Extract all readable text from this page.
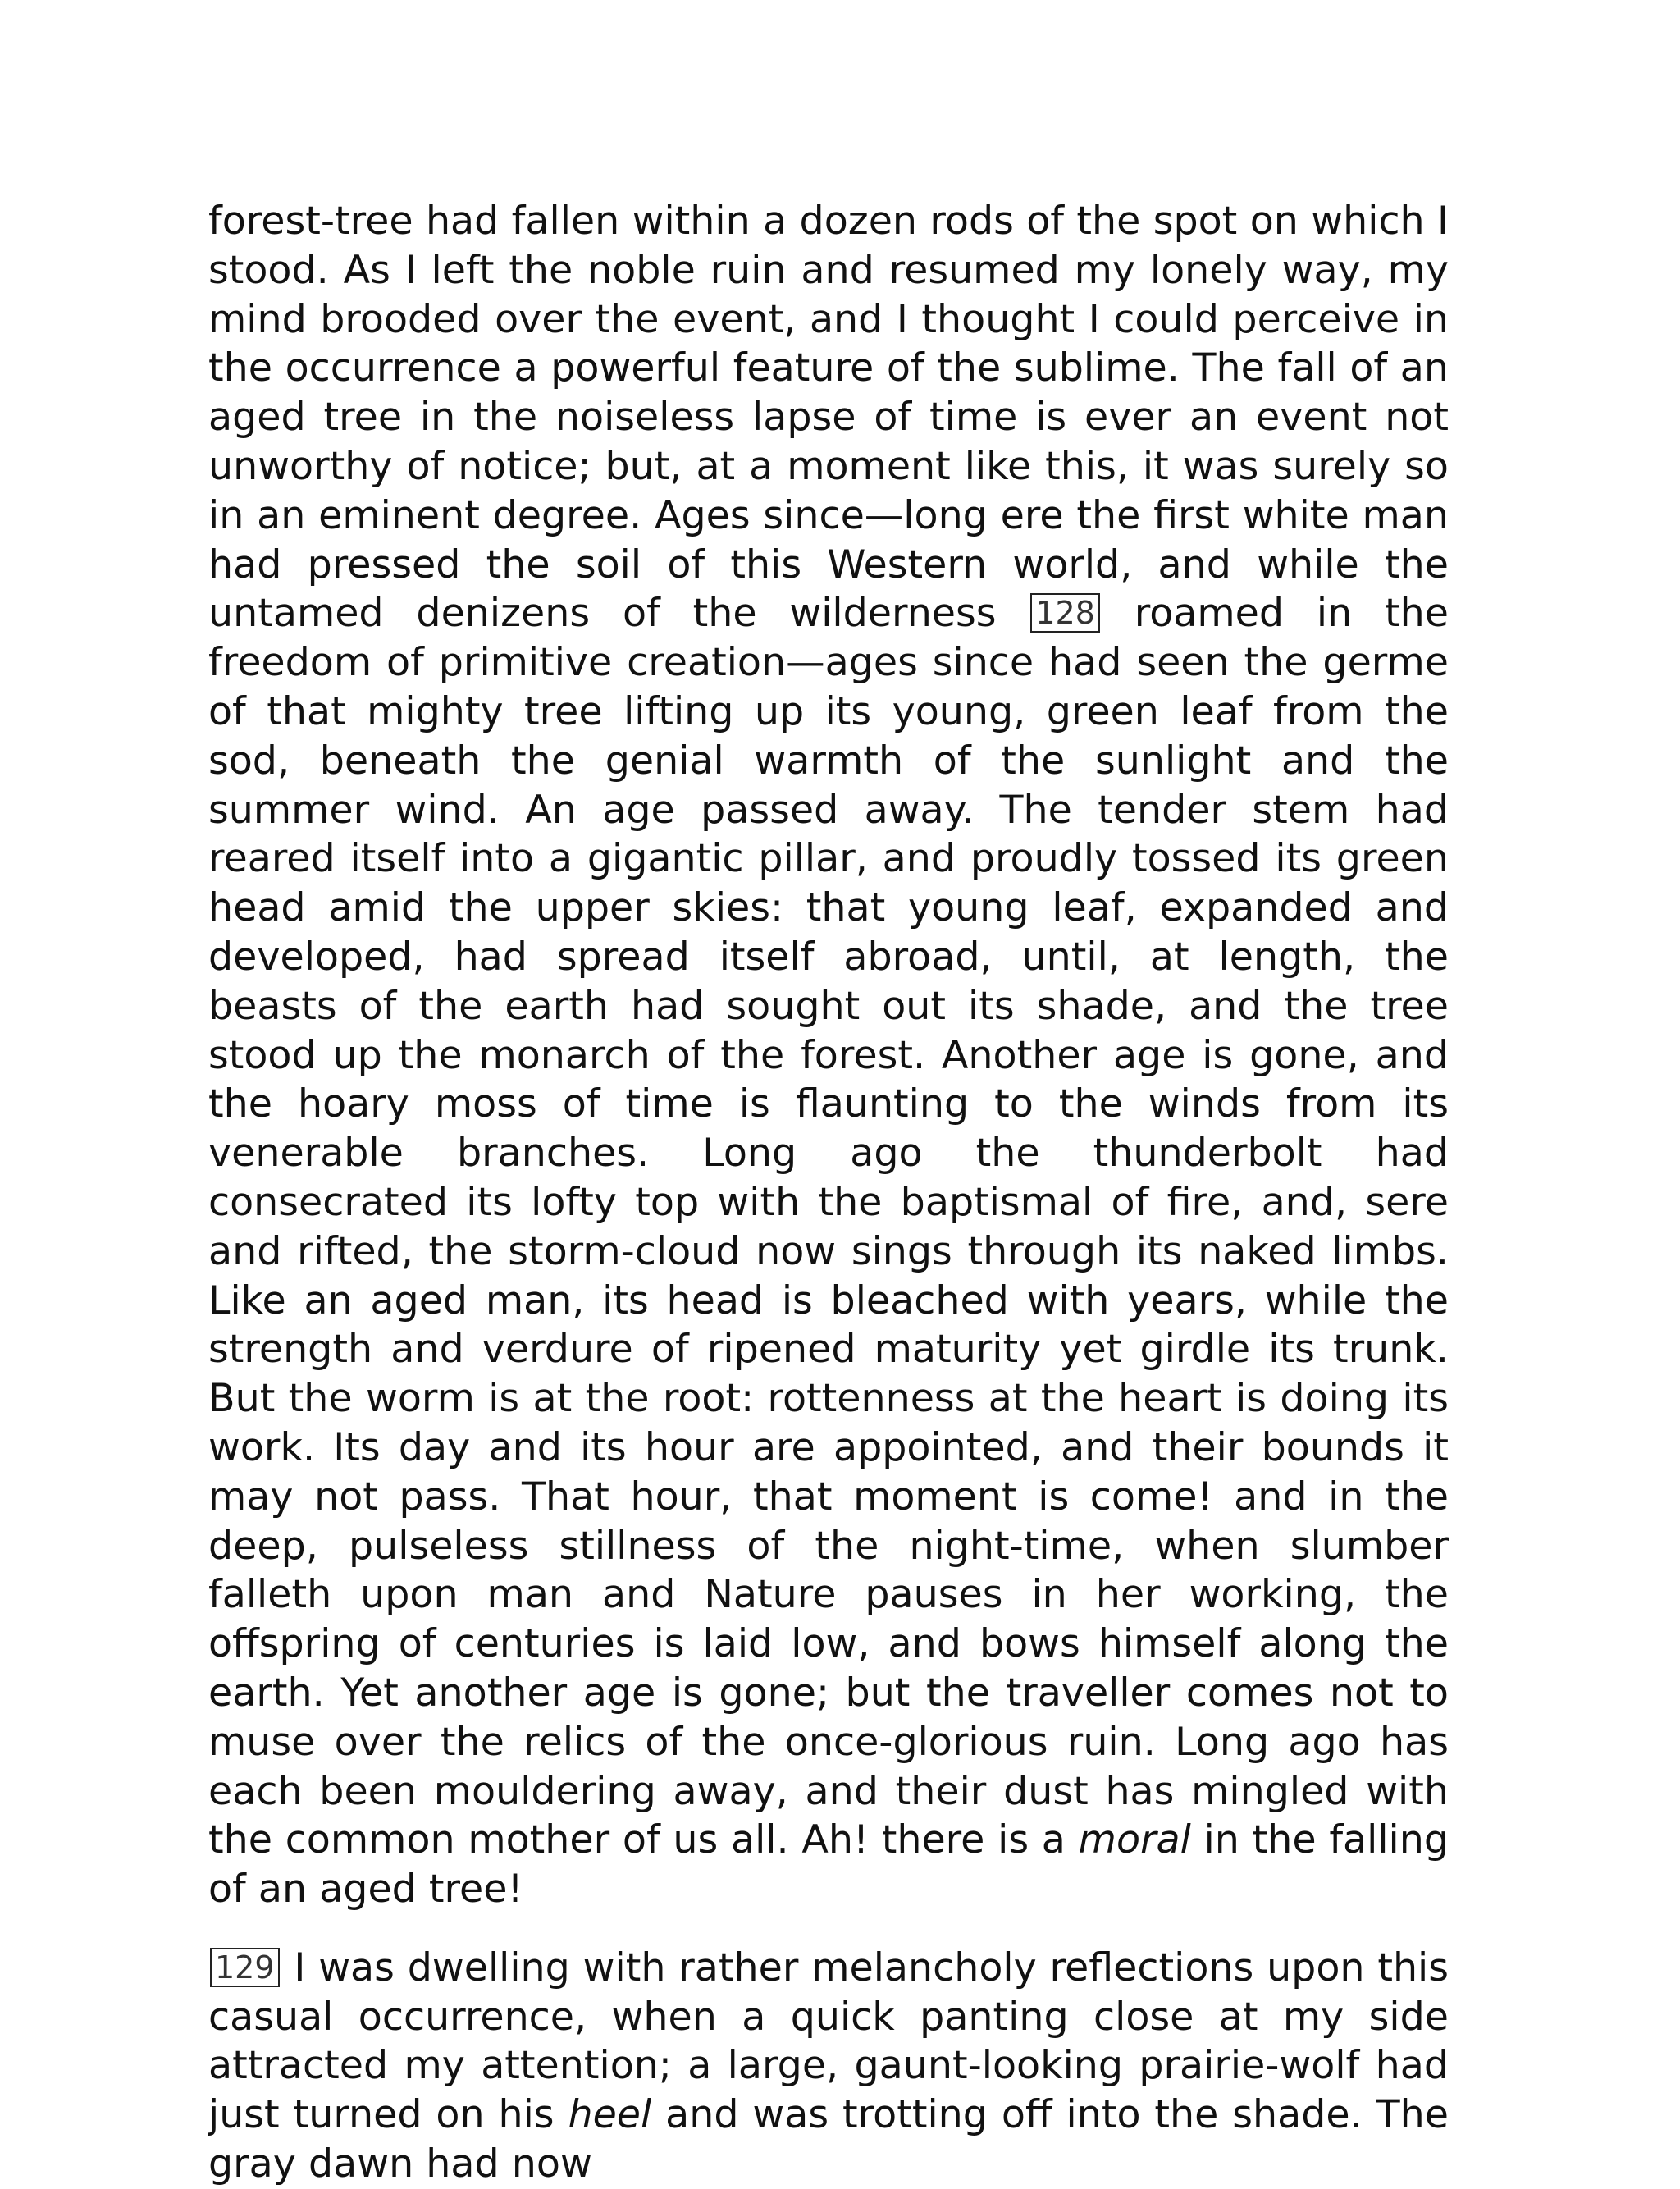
forest-tree had fallen within a dozen rods of the spot on which I stood. As I left the noble ruin and resumed my lonely way, my mind brooded over the event, and I thought I could perceive in the occurrence a powerful feature of the sublime. The fall of an aged tree in the noiseless lapse of time is ever an event not unworthy of notice; but, at a moment like this, it was surely so in an eminent degree. Ages since—long ere the first white man had pressed the soil of this Western world, and while the untamed denizens of the wilderness 128 roamed in the freedom of primitive creation—ages since had seen the germe of that mighty tree lifting up its young, green leaf from the sod, beneath the genial warmth of the sunlight and the summer wind. An age passed away. The tender stem had reared itself into a gigantic pillar, and proudly tossed its green head amid the upper skies: that young leaf, expanded and developed, had spread itself abroad, until, at length, the beasts of the earth had sought out its shade, and the tree stood up the monarch of the forest. Another age is gone, and the hoary moss of time is flaunting to the winds from its venerable branches. Long ago the thunderbolt had consecrated its lofty top with the baptismal of fire, and, sere and rifted, the storm-cloud now sings through its naked limbs. Like an aged man, its head is bleached with years, while the strength and verdure of ripened maturity yet girdle its trunk. But the worm is at the root: rottenness at the heart is doing its work. Its day and its hour are appointed, and their bounds it may not pass. That hour, that moment is come! and in the deep, pulseless stillness of the night-time, when slumber falleth upon man and Nature pauses in her working, the offspring of centuries is laid low, and bows himself along the earth. Yet another age is gone; but the traveller comes not to muse over the relics of the once-glorious ruin. Long ago has each been mouldering away, and their dust has mingled with the common mother of us all. Ah! there is a moral in the falling of an aged tree!

129 I was dwelling with rather melancholy reflections upon this casual occurrence, when a quick panting close at my side attracted my attention; a large, gaunt-looking prairie-wolf had just turned on his heel and was trotting off into the shade. The gray dawn had now
